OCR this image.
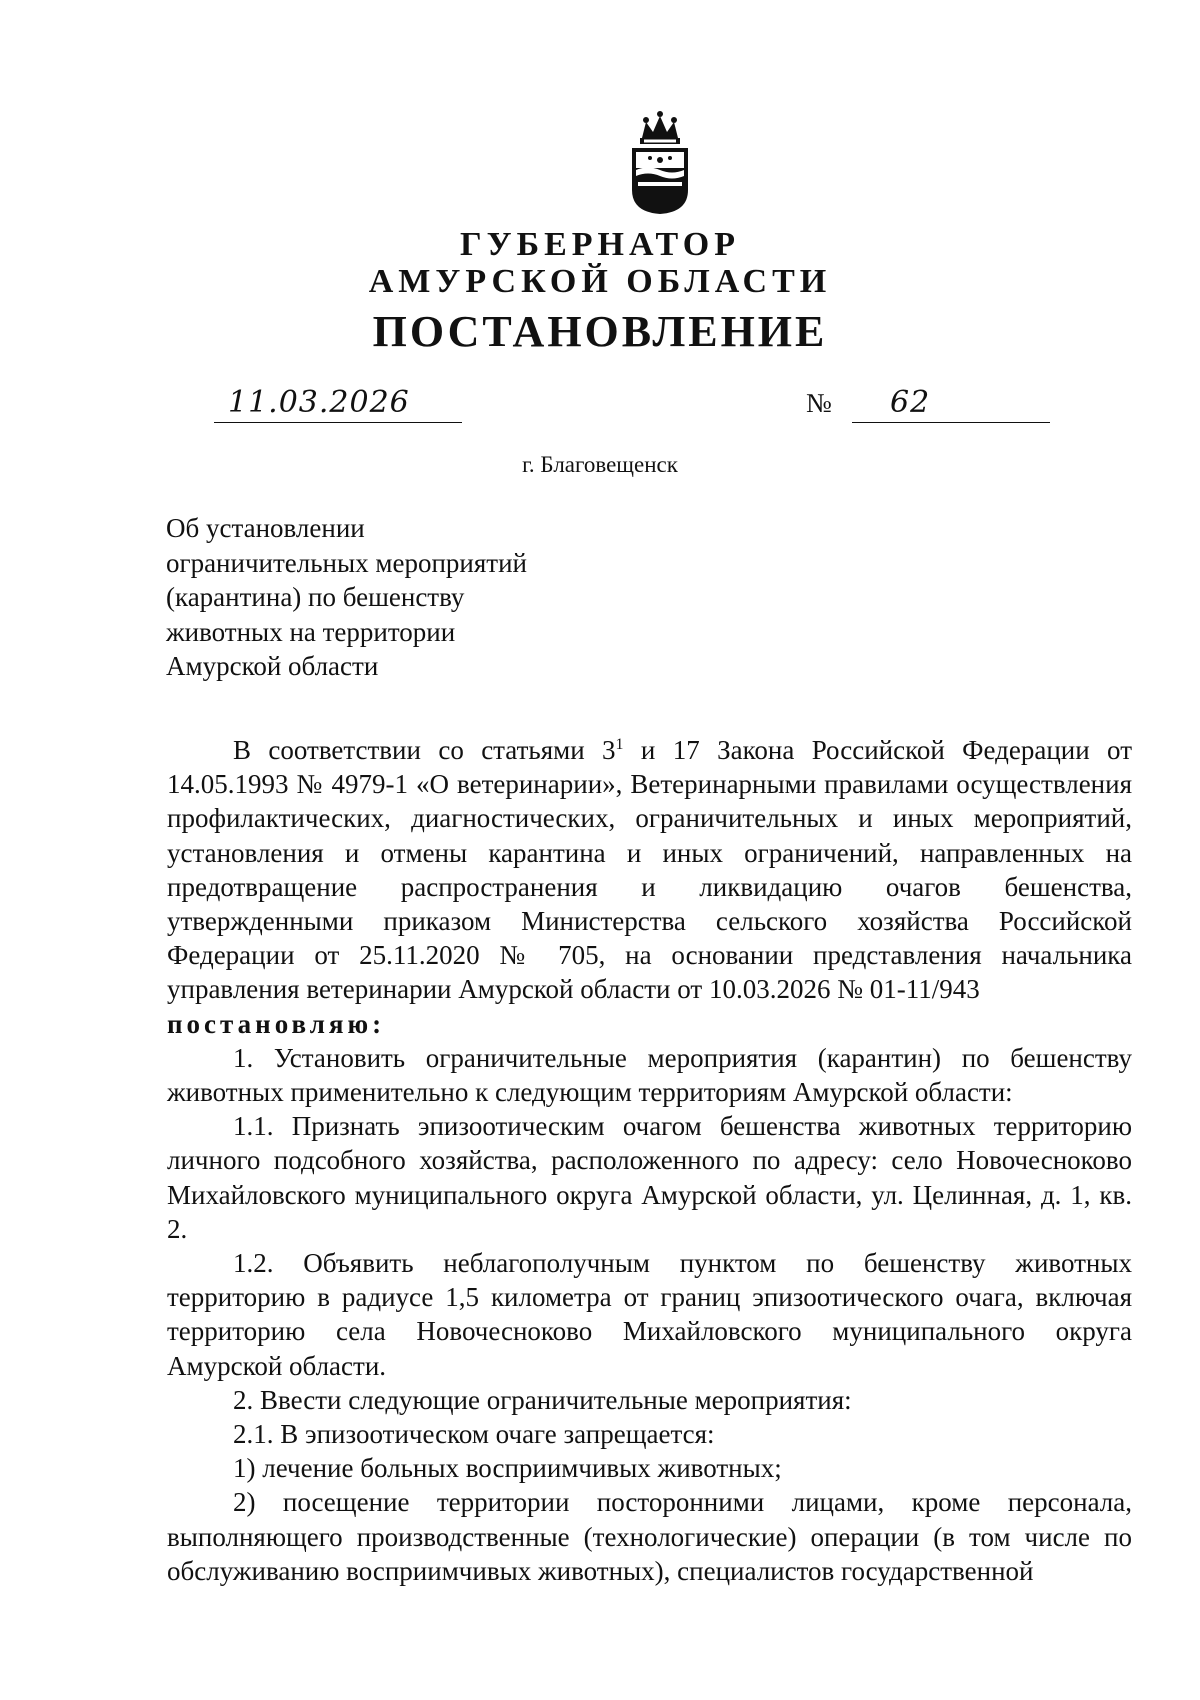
ГУБЕРНАТОР
АМУРСКОЙ ОБЛАСТИ
ПОСТАНОВЛЕНИЕ
11.03.2026	№ 62
г. Благовещенск
Об установлении
ограничительных мероприятий
(карантина) по бешенству
животных на территории
Амурской области

В соответствии со статьями $3^1$ и 17 Закона Российской Федерации от 14.05.1993 № 4979-1 «О ветеринарии», Ветеринарными правилами осуществления профилактических, диагностических, ограничительных и иных мероприятий, установления и отмены карантина и иных ограничений, направленных на предотвращение распространения и ликвидацию очагов бешенства, утвержденными приказом Министерства сельского хозяйства Российской Федерации от 25.11.2020 № 705, на основании представления начальника управления ветеринарии Амурской области от 10.03.2026 № 01-11/943

постановляю:

1. Установить ограничительные мероприятия (карантин) по бешенству животных применительно к следующим территориям Амурской области:

1.1. Признать эпизоотическим очагом бешенства животных территорию личного подсобного хозяйства, расположенного по адресу: село Новочесноково Михайловского муниципального округа Амурской области, ул. Целинная, д. 1, кв. 2.

1.2. Объявить неблагополучным пунктом по бешенству животных территорию в радиусе 1,5 километра от границ эпизоотического очага, включая территорию села Новочесноково Михайловского муниципального округа Амурской области.

2. Ввести следующие ограничительные мероприятия:

2.1. В эпизоотическом очаге запрещается:

1) лечение больных восприимчивых животных;

2) посещение территории посторонними лицами, кроме персонала, выполняющего производственные (технологические) операции (в том числе по обслуживанию восприимчивых животных), специалистов государственной
